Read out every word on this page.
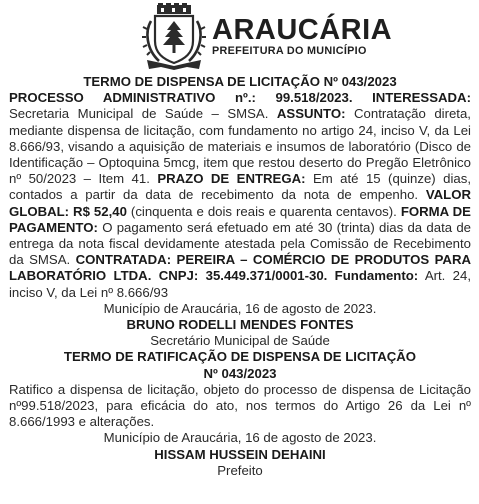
ARAUCÁRIA
PREFEITURA DO MUNICÍPIO
TERMO DE DISPENSA DE LICITAÇÃO Nº 043/2023

PROCESSO ADMINISTRATIVO nº.: 99.518/2023. INTERESSADA: Secretaria Municipal de Saúde – SMSA. ASSUNTO: Contratação direta, mediante dispensa de licitação, com fundamento no artigo 24, inciso V, da Lei 8.666/93, visando a aquisição de materiais e insumos de laboratório (Disco de Identificação – Optoquina 5mcg, item que restou deserto do Pregão Eletrônico nº 50/2023 – Item 41. PRAZO DE ENTREGA: Em até 15 (quinze) dias, contados a partir da data de recebimento da nota de empenho. VALOR GLOBAL: R$ 52,40 (cinquenta e dois reais e quarenta centavos). FORMA DE PAGAMENTO: O pagamento será efetuado em até 30 (trinta) dias da data de entrega da nota fiscal devidamente atestada pela Comissão de Recebimento da SMSA. CONTRATADA: PEREIRA – COMÉRCIO DE PRODUTOS PARA LABORATÓRIO LTDA. CNPJ: 35.449.371/0001-30. Fundamento: Art. 24, inciso V, da Lei nº 8.666/93

Município de Araucária, 16 de agosto de 2023.
BRUNO RODELLI MENDES FONTES
Secretário Municipal de Saúde
TERMO DE RATIFICAÇÃO DE DISPENSA DE LICITAÇÃO
Nº 043/2023

Ratifico a dispensa de licitação, objeto do processo de dispensa de Licitação nº99.518/2023, para eficácia do ato, nos termos do Artigo 26 da Lei nº 8.666/1993 e alterações.

Município de Araucária, 16 de agosto de 2023.
HISSAM HUSSEIN DEHAINI
Prefeito
